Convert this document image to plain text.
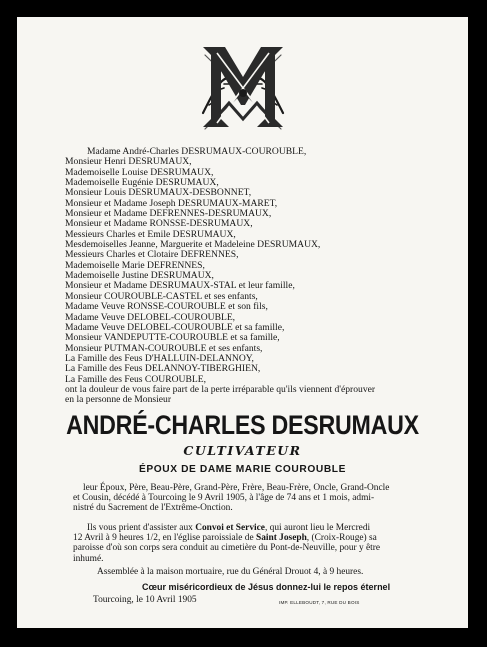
Madame André-Charles DESRUMAUX-COUROUBLE,
Monsieur Henri DESRUMAUX,
Mademoiselle Louise DESRUMAUX,
Mademoiselle Eugénie DESRUMAUX,
Monsieur Louis DESRUMAUX-DESBONNET,
Monsieur et Madame Joseph DESRUMAUX-MARET,
Monsieur et Madame DEFRENNES-DESRUMAUX,
Monsieur et Madame RONSSE-DESRUMAUX,
Messieurs Charles et Emile DESRUMAUX,
Mesdemoiselles Jeanne, Marguerite et Madeleine DESRUMAUX,
Messieurs Charles et Clotaire DEFRENNES,
Mademoiselle Marie DEFRENNES,
Mademoiselle Justine DESRUMAUX,
Monsieur et Madame DESRUMAUX-STAL et leur famille,
Monsieur COUROUBLE-CASTEL et ses enfants,
Madame Veuve RONSSE-COUROUBLE et son fils,
Madame Veuve DELOBEL-COUROUBLE,
Madame Veuve DELOBEL-COUROUBLE et sa famille,
Monsieur VANDEPUTTE-COUROUBLE et sa famille,
Monsieur PUTMAN-COUROUBLE et ses enfants,
La Famille des Feus D'HALLUIN-DELANNOY,
La Famille des Feus DELANNOY-TIBERGHIEN,
La Famille des Feus COUROUBLE,
ont la douleur de vous faire part de la perte irréparable qu'ils viennent d'éprouver
en la personne de Monsieur
ANDRÉ-CHARLES DESRUMAUX
CULTIVATEUR
ÉPOUX DE DAME MARIE COUROUBLE
leur Époux, Père, Beau-Père, Grand-Père, Frère, Beau-Frère, Oncle, Grand-Oncle
et Cousin, décédé à Tourcoing le 9 Avril 1905, à l'âge de 74 ans et 1 mois, admi-
nistré du Sacrement de l'Extrême-Onction.
Ils vous prient d'assister aux Convoi et Service, qui auront lieu le Mercredi
12 Avril à 9 heures 1/2, en l'église paroissiale de Saint Joseph, (Croix-Rouge) sa
paroisse d'où son corps sera conduit au cimetière du Pont-de-Neuville, pour y être
inhumé.
Assemblée à la maison mortuaire, rue du Général Drouot 4, à 9 heures.
Cœur miséricordieux de Jésus donnez-lui le repos éternel
Tourcoing, le 10 Avril 1905	IMP. ELLEBOUDT, 7, RUE DU BOIS
